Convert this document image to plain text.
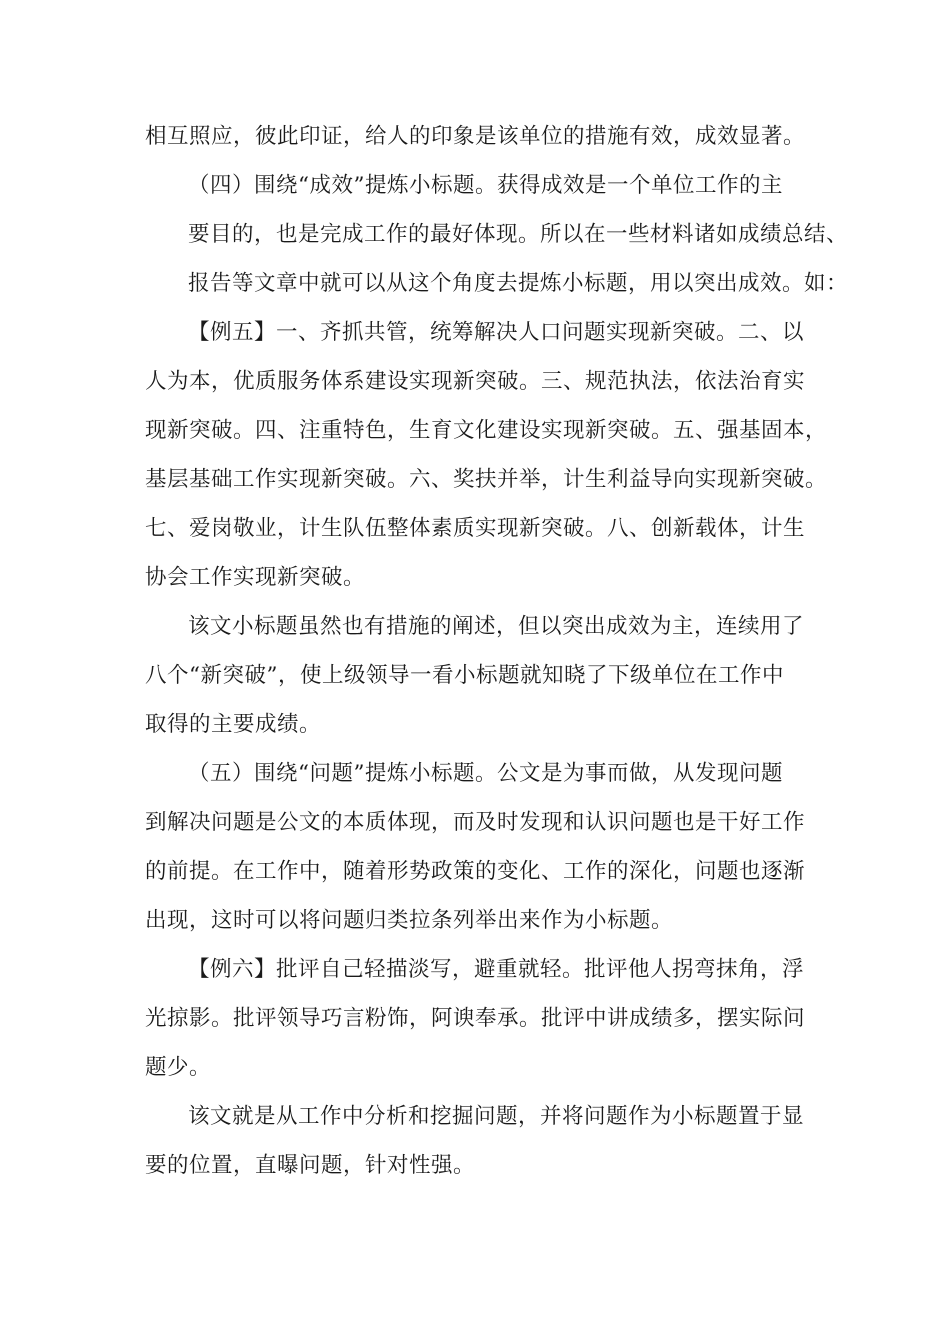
相互照应，彼此印证，给人的印象是该单位的措施有效，成效显著。

（四）围绕“成效”提炼小标题。获得成效是一个单位工作的主
要目的，也是完成工作的最好体现。所以在一些材料诸如成绩总结、
报告等文章中就可以从这个角度去提炼小标题，用以突出成效。如：

【例五】一、齐抓共管，统筹解决人口问题实现新突破。二、以
人为本，优质服务体系建设实现新突破。三、规范执法，依法治育实
现新突破。四、注重特色，生育文化建设实现新突破。五、强基固本，
基层基础工作实现新突破。六、奖扶并举，计生利益导向实现新突破。
七、爱岗敬业，计生队伍整体素质实现新突破。八、创新载体，计生
协会工作实现新突破。

该文小标题虽然也有措施的阐述，但以突出成效为主，连续用了
八个“新突破”，使上级领导一看小标题就知晓了下级单位在工作中
取得的主要成绩。

（五）围绕“问题”提炼小标题。公文是为事而做，从发现问题
到解决问题是公文的本质体现，而及时发现和认识问题也是干好工作
的前提。在工作中，随着形势政策的变化、工作的深化，问题也逐渐
出现，这时可以将问题归类拉条列举出来作为小标题。

【例六】批评自己轻描淡写，避重就轻。批评他人拐弯抹角，浮
光掠影。批评领导巧言粉饰，阿谀奉承。批评中讲成绩多，摆实际问
题少。

该文就是从工作中分析和挖掘问题，并将问题作为小标题置于显
要的位置，直曝问题，针对性强。
